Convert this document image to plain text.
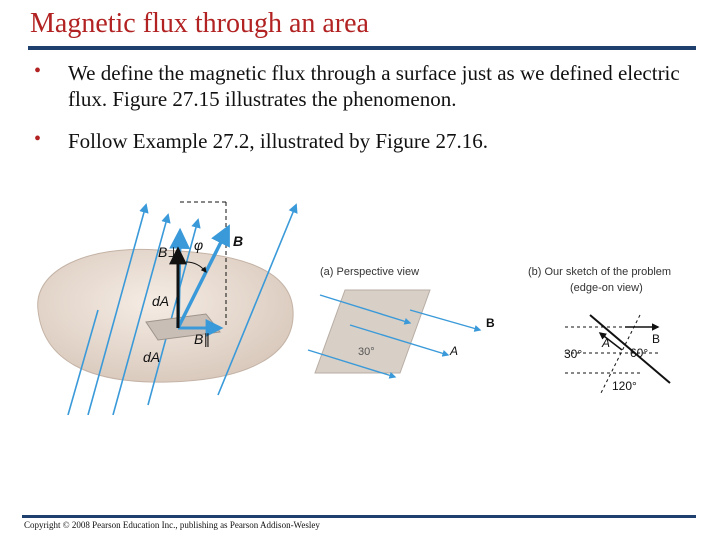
Magnetic flux through an area
• We define the magnetic flux through a surface just as we defined electric flux. Figure 27.15 illustrates the phenomenon.
• Follow Example 27.2, illustrated by Figure 27.16.
B⊥ φ B
dA
B∥
dA
(a) Perspective view
B
A
30°
(b) Our sketch of the problem
(edge-on view)
30°
A
60°
B
120°
Copyright © 2008 Pearson Education Inc., publishing as Pearson Addison-Wesley
